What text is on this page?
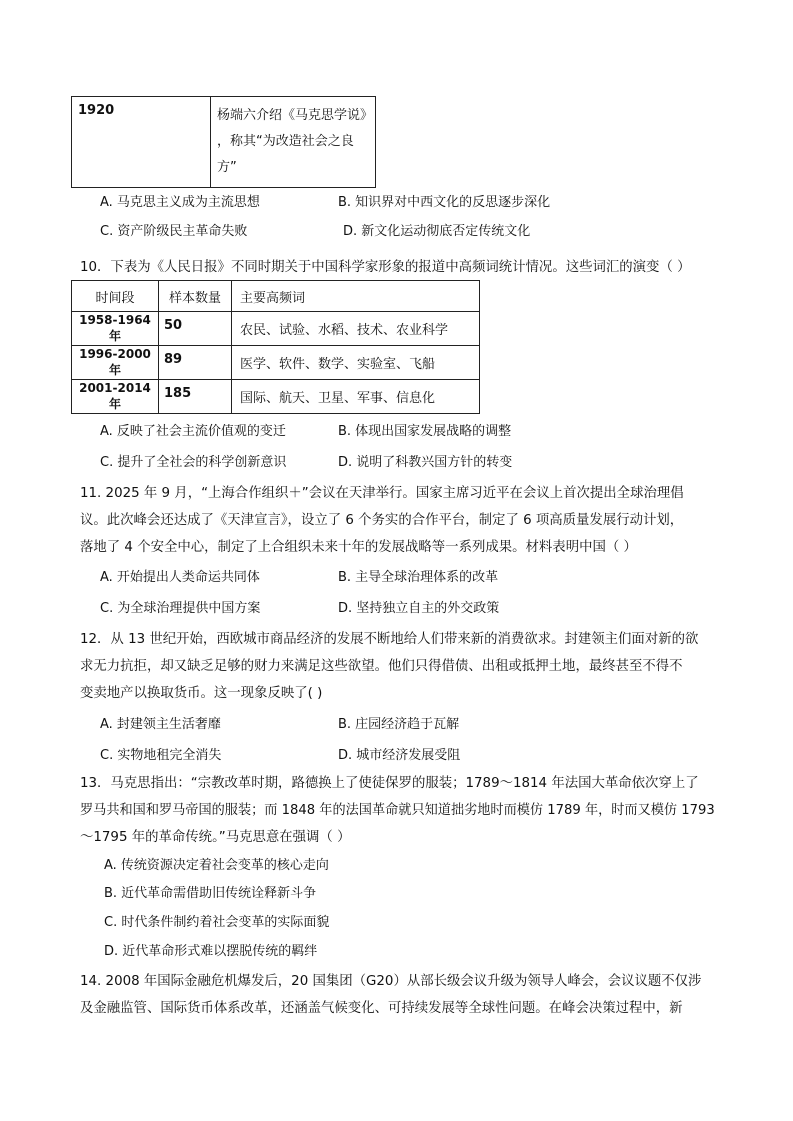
1920	杨端六介绍《马克思学说》
，称其“为改造社会之良
方”
A. 马克思主义成为主流思想	B. 知识界对中西文化的反思逐步深化
C. 资产阶级民主革命失败	D. 新文化运动彻底否定传统文化
10．下表为《人民日报》不同时期关于中国科学家形象的报道中高频词统计情况。这些词汇的演变（ ）
时间段	样本数量	主要高频词
1958-1964 年	50	农民、试验、水稻、技术、农业科学
1996-2000 年	89	医学、软件、数学、实验室、飞船
2001-2014 年	185	国际、航天、卫星、军事、信息化
A. 反映了社会主流价值观的变迁	B. 体现出国家发展战略的调整
C. 提升了全社会的科学创新意识	D. 说明了科教兴国方针的转变
11. 2025 年 9 月，“上海合作组织＋”会议在天津举行。国家主席习近平在会议上首次提出全球治理倡
议。此次峰会还达成了《天津宣言》，设立了 6 个务实的合作平台，制定了 6 项高质量发展行动计划，
落地了 4 个安全中心，制定了上合组织未来十年的发展战略等一系列成果。材料表明中国（ ）
A. 开始提出人类命运共同体	B. 主导全球治理体系的改革
C. 为全球治理提供中国方案	D. 坚持独立自主的外交政策
12．从 13 世纪开始，西欧城市商品经济的发展不断地给人们带来新的消费欲求。封建领主们面对新的欲
求无力抗拒，却又缺乏足够的财力来满足这些欲望。他们只得借债、出租或抵押土地，最终甚至不得不
变卖地产以换取货币。这一现象反映了( )
A. 封建领主生活奢靡	B. 庄园经济趋于瓦解
C. 实物地租完全消失	D. 城市经济发展受阻
13．马克思指出：“宗教改革时期，路德换上了使徒保罗的服装；1789～1814 年法国大革命依次穿上了
罗马共和国和罗马帝国的服装；而 1848 年的法国革命就只知道拙劣地时而模仿 1789 年，时而又模仿 1793
～1795 年的革命传统。”马克思意在强调（ ）
A. 传统资源决定着社会变革的核心走向
B. 近代革命需借助旧传统诠释新斗争
C. 时代条件制约着社会变革的实际面貌
D. 近代革命形式难以摆脱传统的羁绊
14. 2008 年国际金融危机爆发后，20 国集团（G20）从部长级会议升级为领导人峰会，会议议题不仅涉
及金融监管、国际货币体系改革，还涵盖气候变化、可持续发展等全球性问题。在峰会决策过程中，新
